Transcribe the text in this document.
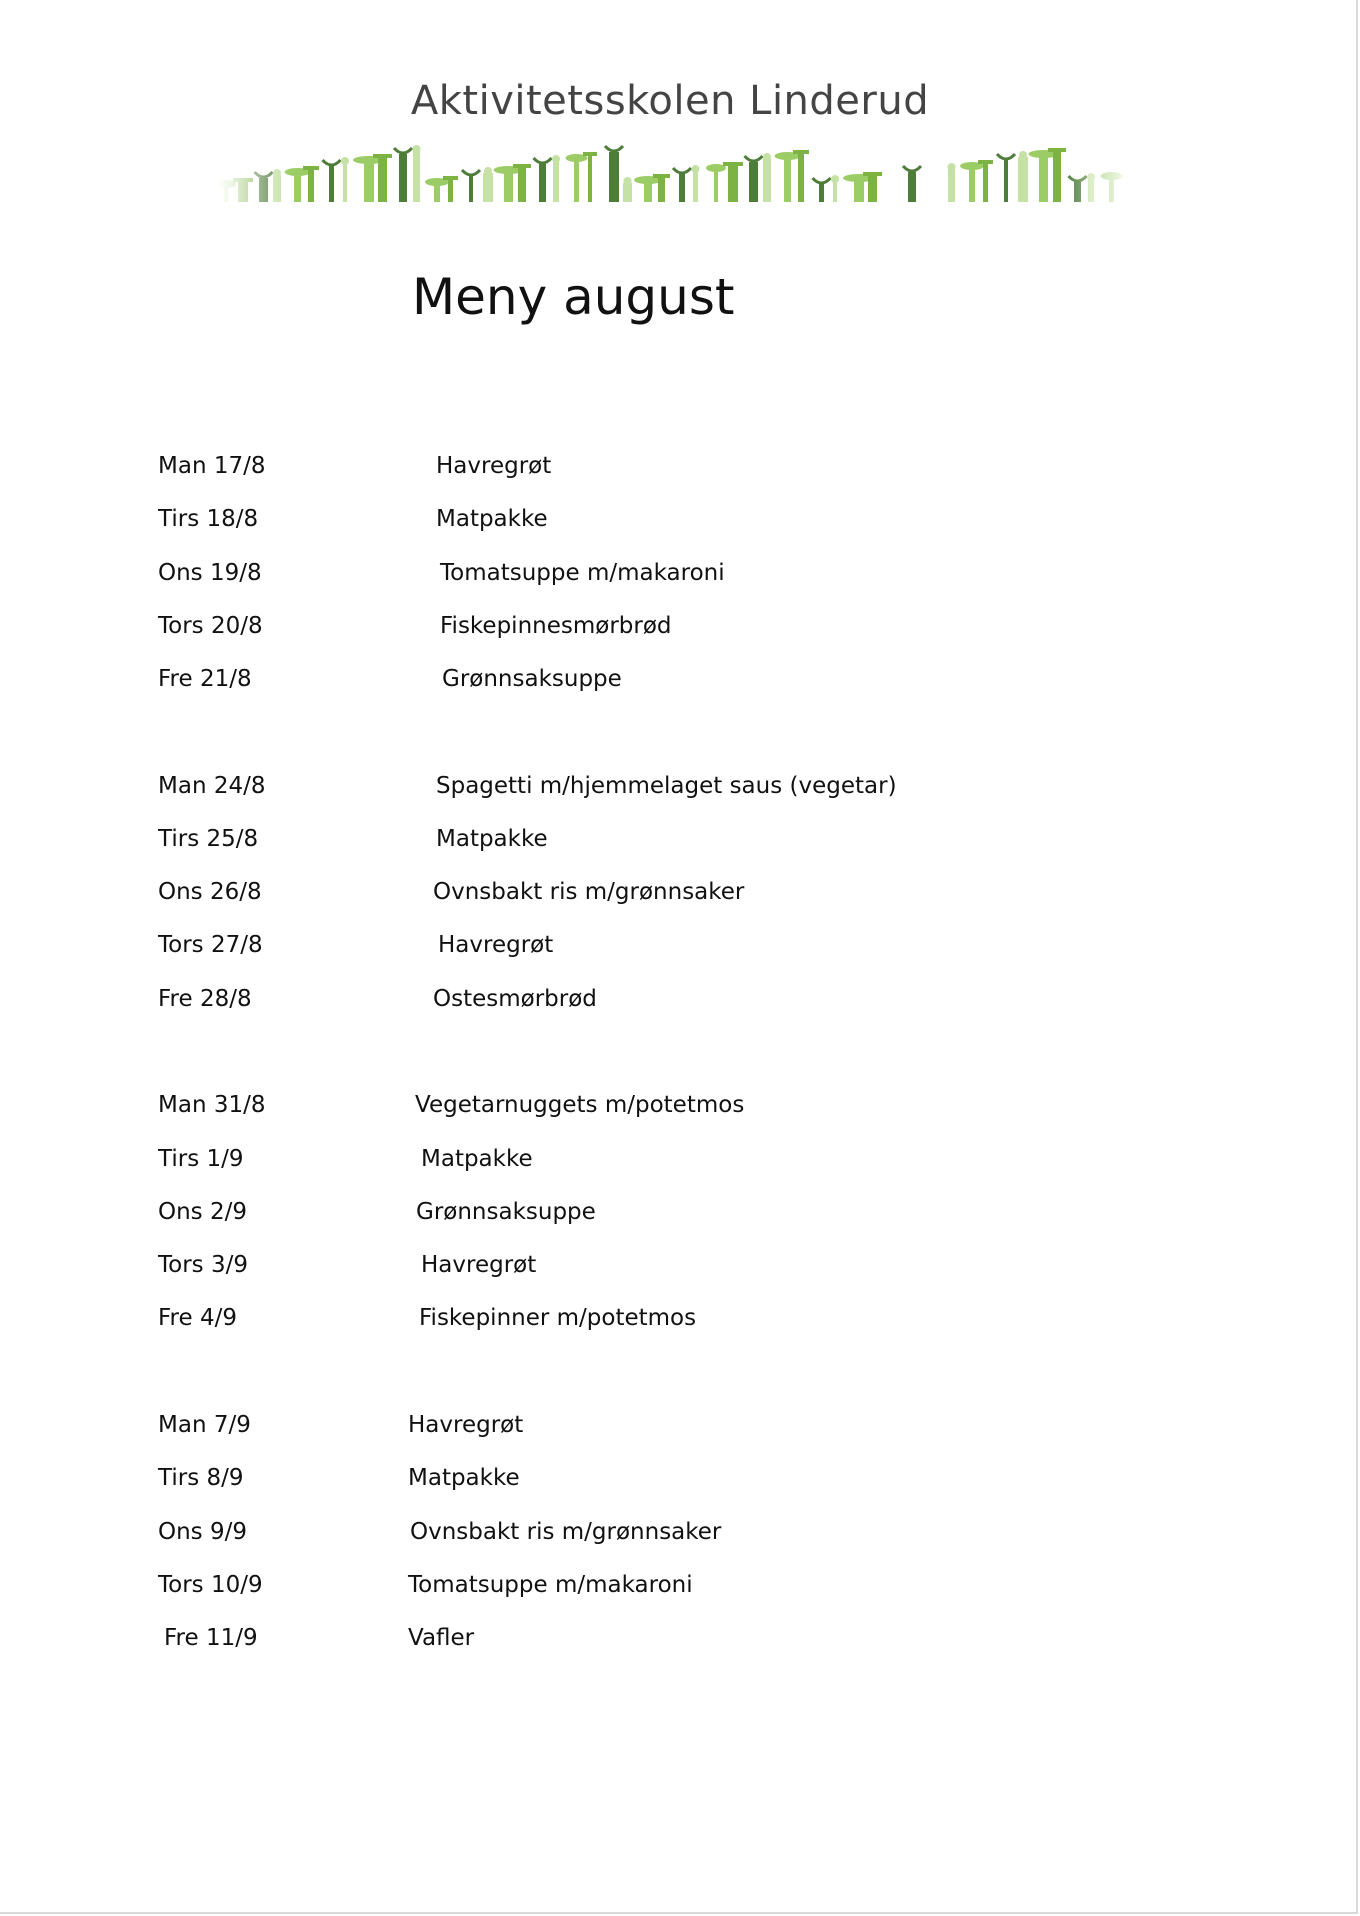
Aktivitetsskolen Linderud
Meny august
Man 17/8	Havregrøt
Tirs 18/8	Matpakke
Ons 19/8	Tomatsuppe m/makaroni
Tors 20/8	Fiskepinnesmørbrød
Fre 21/8	Grønnsaksuppe
Man 24/8	Spagetti m/hjemmelaget saus (vegetar)
Tirs 25/8	Matpakke
Ons 26/8	Ovnsbakt ris m/grønnsaker
Tors 27/8	Havregrøt
Fre 28/8	Ostesmørbrød
Man 31/8	Vegetarnuggets m/potetmos
Tirs 1/9	Matpakke
Ons 2/9	Grønnsaksuppe
Tors 3/9	Havregrøt
Fre 4/9	Fiskepinner m/potetmos
Man 7/9	Havregrøt
Tirs 8/9	Matpakke
Ons 9/9	Ovnsbakt ris m/grønnsaker
Tors 10/9	Tomatsuppe m/makaroni
Fre 11/9	Vafler
